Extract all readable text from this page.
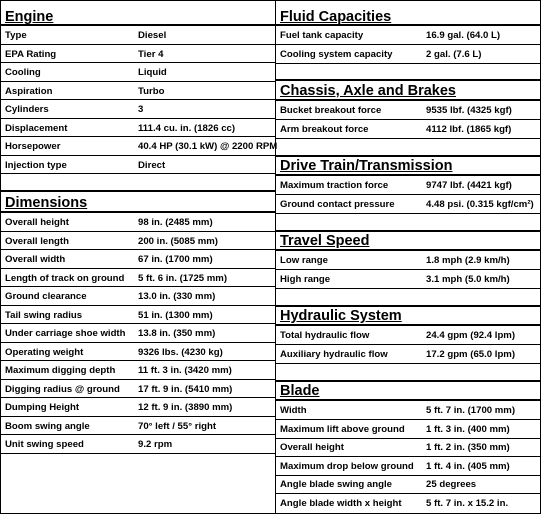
Engine
Type	Diesel
EPA Rating	Tier 4
Cooling	Liquid
Aspiration	Turbo
Cylinders	3
Displacement	111.4 cu. in. (1826 cc)
Horsepower	40.4 HP (30.1 kW) @ 2200 RPM
Injection type	Direct
Dimensions
Overall height	98 in. (2485 mm)
Overall length	200 in. (5085 mm)
Overall width	67 in. (1700 mm)
Length of track on ground 5 ft. 6 in. (1725 mm)
Ground clearance	13.0 in. (330 mm)
Tail swing radius	51 in. (1300 mm)
Under carriage shoe width 13.8 in. (350 mm)
Operating weight	9326 lbs. (4230 kg)
Maximum digging depth 11 ft. 3 in. (3420 mm)
Digging radius @ ground 17 ft. 9 in. (5410 mm)
Dumping Height	12 ft. 9 in. (3890 mm)
Boom swing angle	70° left / 55° right
Unit swing speed	9.2 rpm
Fluid Capacities
Fuel tank capacity	16.9 gal. (64.0 L)
Cooling system capacity	2 gal. (7.6 L)
Chassis, Axle and Brakes
Bucket breakout force	9535 lbf. (4325 kgf)
Arm breakout force	4112 lbf. (1865 kgf)
Drive Train/Transmission
Maximum traction force	9747 lbf. (4421 kgf)
Ground contact pressure	4.48 psi. (0.315 kgf/cm²)
Travel Speed
Low range	1.8 mph (2.9 km/h)
High range	3.1 mph (5.0 km/h)
Hydraulic System
Total hydraulic flow	24.4 gpm (92.4 lpm)
Auxiliary hydraulic flow	17.2 gpm (65.0 lpm)
Blade
Width	5 ft. 7 in. (1700 mm)
Maximum lift above ground 1 ft. 3 in. (400 mm)
Overall height	1 ft. 2 in. (350 mm)
Maximum drop below ground 1 ft. 4 in. (405 mm)
Angle blade swing angle	25 degrees
Angle blade width x height	5 ft. 7 in. x 15.2 in.
